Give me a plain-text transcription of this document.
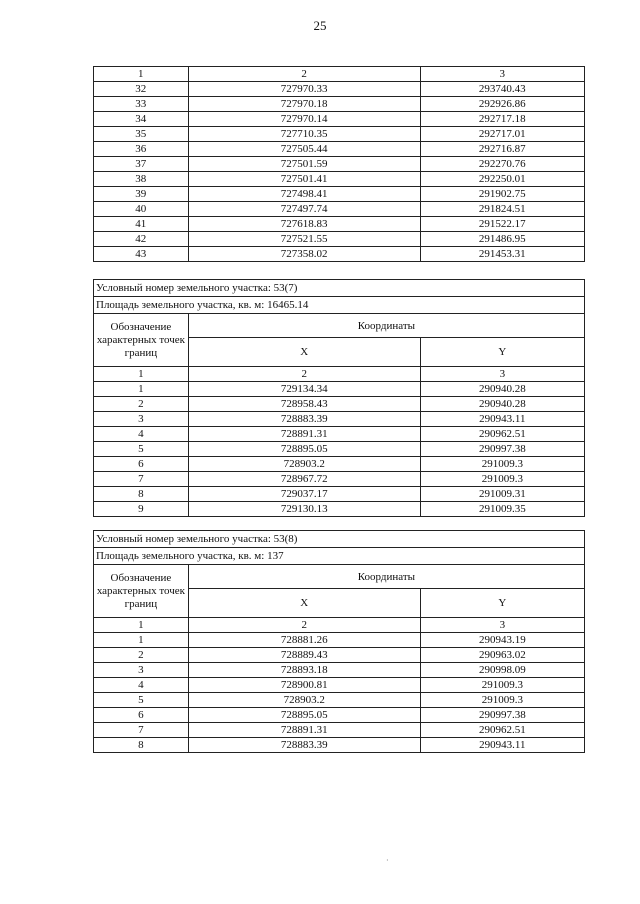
25
1	2	3
32	727970.33	293740.43
33	727970.18	292926.86
34	727970.14	292717.18
35	727710.35	292717.01
36	727505.44	292716.87
37	727501.59	292270.76
38	727501.41	292250.01
39	727498.41	291902.75
40	727497.74	291824.51
41	727618.83	291522.17
42	727521.55	291486.95
43	727358.02	291453.31
Условный номер земельного участка: 53(7)		
Площадь земельного участка, кв. м: 16465.14		
Обозначение характерных точек границ	Координаты	
	X	Y
1	2	3
1	729134.34	290940.28
2	728958.43	290940.28
3	728883.39	290943.11
4	728891.31	290962.51
5	728895.05	290997.38
6	728903.2	291009.3
7	728967.72	291009.3
8	729037.17	291009.31
9	729130.13	291009.35
Условный номер земельного участка: 53(8)		
Площадь земельного участка, кв. м: 137		
Обозначение характерных точек границ	Координаты	
	X	Y
1	2	3
1	728881.26	290943.19
2	728889.43	290963.02
3	728893.18	290998.09
4	728900.81	291009.3
5	728903.2	291009.3
6	728895.05	290997.38
7	728891.31	290962.51
8	728883.39	290943.11
·
